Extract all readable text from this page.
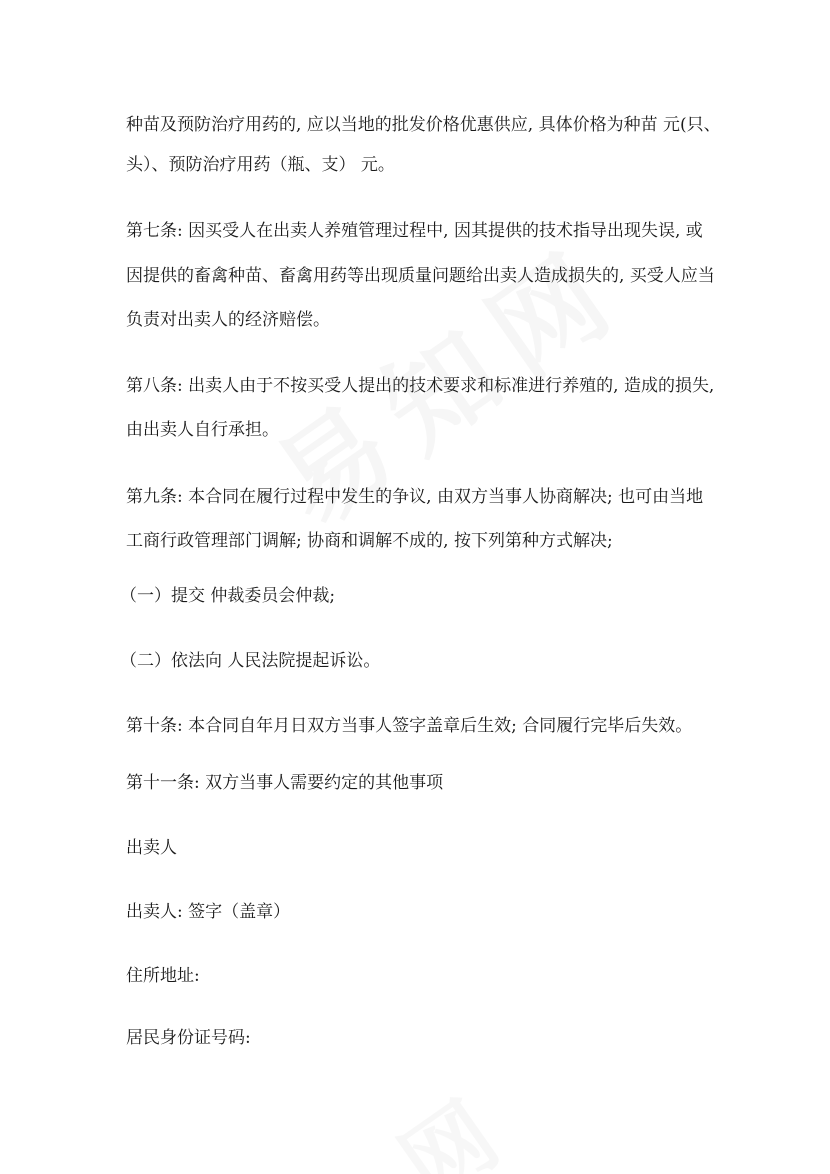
种苗及预防治疗用药的, 应以当地的批发价格优惠供应, 具体价格为种苗 元(只、
头）、预防治疗用药（瓶、支） 元。
第七条: 因买受人在出卖人养殖管理过程中, 因其提供的技术指导出现失误, 或
因提供的畜禽种苗、畜禽用药等出现质量问题给出卖人造成损失的, 买受人应当
负责对出卖人的经济赔偿。
第八条: 出卖人由于不按买受人提出的技术要求和标准进行养殖的, 造成的损失,
由出卖人自行承担。
第九条: 本合同在履行过程中发生的争议, 由双方当事人协商解决; 也可由当地
工商行政管理部门调解; 协商和调解不成的, 按下列第种方式解决;
（一）提交 仲裁委员会仲裁;
（二）依法向 人民法院提起诉讼。
第十条: 本合同自年月日双方当事人签字盖章后生效; 合同履行完毕后失效。
第十一条: 双方当事人需要约定的其他事项
出卖人
出卖人: 签字（盖章）
住所地址:
居民身份证号码:
